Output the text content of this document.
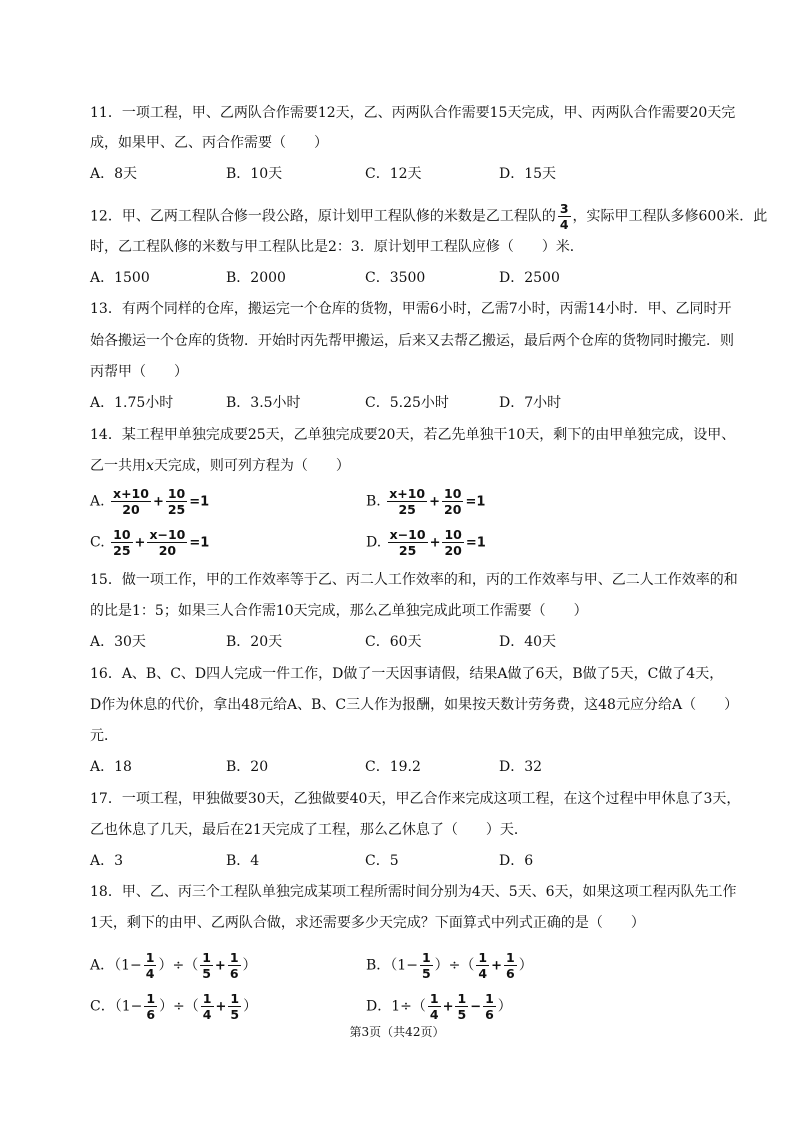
11．一项工程，甲、乙两队合作需要12天，乙、丙两队合作需要15天完成，甲、丙两队合作需要20天完
成，如果甲、乙、丙合作需要（　　）
A．8天	B．10天	C．12天	D．15天
12．甲、乙两工程队合修一段公路，原计划甲工程队修的米数是乙工程队的 $\frac{3}{4}$ ，实际甲工程队多修600米．此
时，乙工程队修的米数与甲工程队比是2：3．原计划甲工程队应修（　　）米．
A．1500	B．2000	C．3500	D．2500
13．有两个同样的仓库，搬运完一个仓库的货物，甲需6小时，乙需7小时，丙需14小时．甲、乙同时开
始各搬运一个仓库的货物．开始时丙先帮甲搬运，后来又去帮乙搬运，最后两个仓库的货物同时搬完．则
丙帮甲（　　）
A．1.75小时	B．3.5小时	C．5.25小时	D．7小时
14．某工程甲单独完成要25天，乙单独完成要20天，若乙先单独干10天，剩下的由甲单独完成，设甲、
乙一共用x天完成，则可列方程为（　　）
A. $\frac{x+10}{20} + \frac{10}{25} =1$	B. $\frac{x+10}{25} + \frac{10}{20} =1$
C. $\frac{10}{25} + \frac{x-10}{20} =1$	D. $\frac{x-10}{25} + \frac{10}{20} =1$
15．做一项工作，甲的工作效率等于乙、丙二人工作效率的和，丙的工作效率与甲、乙二人工作效率的和
的比是1：5；如果三人合作需10天完成，那么乙单独完成此项工作需要（　　）
A．30天	B．20天	C．60天	D．40天
16．A、B、C、D四人完成一件工作，D做了一天因事请假，结果A做了6天，B做了5天，C做了4天，
D作为休息的代价，拿出48元给A、B、C三人作为报酬，如果按天数计劳务费，这48元应分给A（　　）
元．
A．18	B．20	C．19.2	D．32
17．一项工程，甲独做要30天，乙独做要40天，甲乙合作来完成这项工程，在这个过程中甲休息了3天，
乙也休息了几天，最后在21天完成了工程，那么乙休息了（　　）天．
A．3	B．4	C．5	D．6
18．甲、乙、丙三个工程队单独完成某项工程所需时间分别为4天、5天、6天，如果这项工程丙队先工作
1天，剩下的由甲、乙两队合做，求还需要多少天完成？下面算式中列式正确的是（　　）
A．（$1- \frac{1}{4}$ ）÷（ $\frac{1}{5} + \frac{1}{6}$ ）	B．（$1- \frac{1}{5}$ ）÷（ $\frac{1}{4} + \frac{1}{6}$ ）
C．（$1- \frac{1}{6}$ ）÷（ $\frac{1}{4} + \frac{1}{5}$ ）	D．$1\div( \frac{1}{4} + \frac{1}{5} - \frac{1}{6}$ ）
第3页（共42页）
